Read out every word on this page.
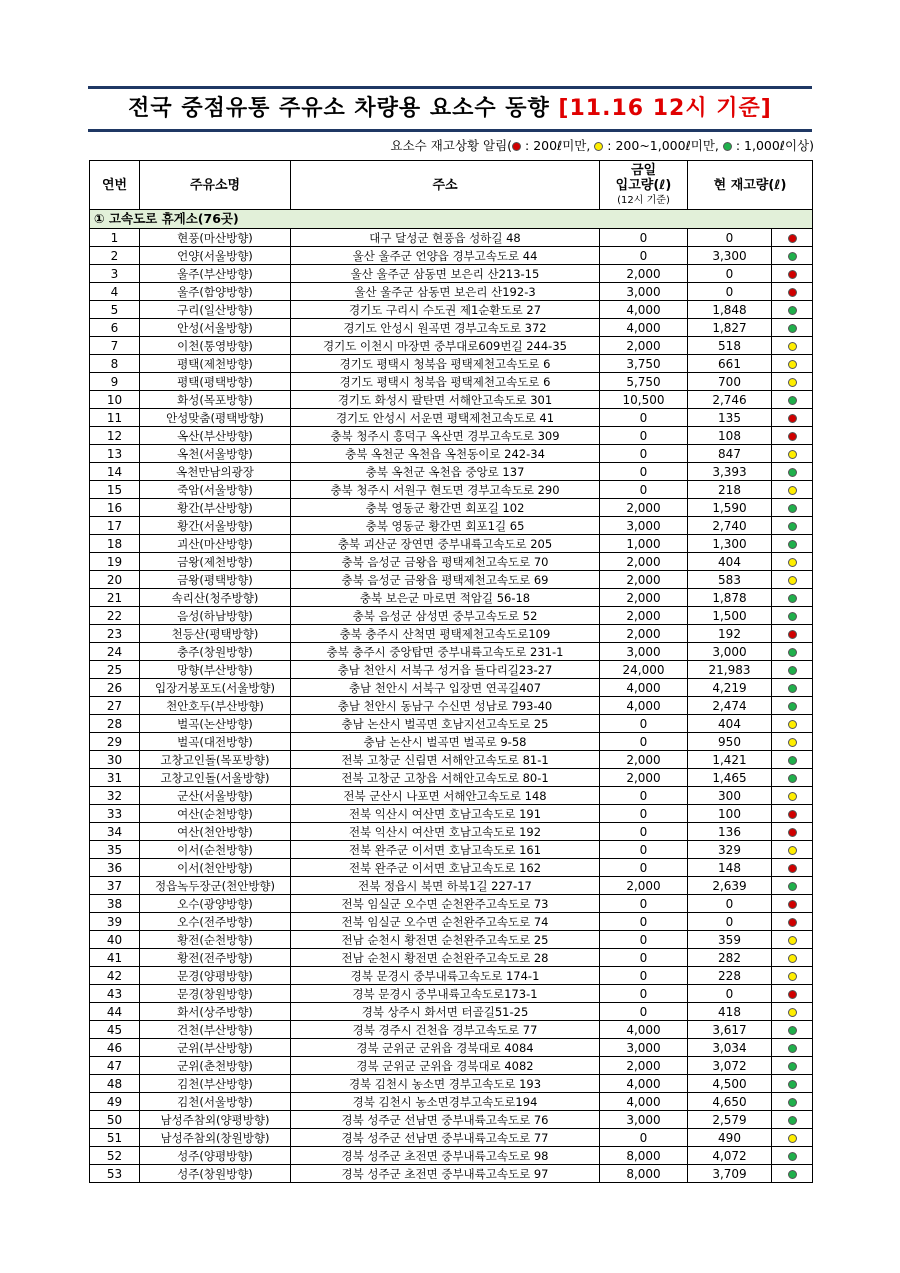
전국 중점유통 주유소 차량용 요소수 동향 [11.16 12시 기준]
요소수 재고상황 알림( : 200ℓ미만,  : 200~1,000ℓ미만,  : 1,000ℓ이상)
연번	주유소명	주소	금일
입고량(ℓ)
(12시 기준)	현 재고량(ℓ)	
① 고속도로 휴게소(76곳)					
1	현풍(마산방향)	대구 달성군 현풍읍 성하길 48	0	0	
2	언양(서울방향)	울산 울주군 언양읍 경부고속도로 44	0	3,300	
3	울주(부산방향)	울산 울주군 삼동면 보은리 산213-15	2,000	0	
4	울주(함양방향)	울산 울주군 삼동면 보은리 산192-3	3,000	0	
5	구리(일산방향)	경기도 구리시 수도권 제1순환도로 27	4,000	1,848	
6	안성(서울방향)	경기도 안성시 원곡면 경부고속도로 372	4,000	1,827	
7	이천(통영방향)	경기도 이천시 마장면 중부대로609번길 244-35	2,000	518	
8	평택(제천방향)	경기도 평택시 청북읍 평택제천고속도로 6	3,750	661	
9	평택(평택방향)	경기도 평택시 청북읍 평택제천고속도로 6	5,750	700	
10	화성(목포방향)	경기도 화성시 팔탄면 서해안고속도로 301	10,500	2,746	
11	안성맞춤(평택방향)	경기도 안성시 서운면 평택제천고속도로 41	0	135	
12	옥산(부산방향)	충북 청주시 흥덕구 옥산면 경부고속도로 309	0	108	
13	옥천(서울방향)	충북 옥천군 옥천읍 옥천동이로 242-34	0	847	
14	옥천만남의광장	충북 옥천군 옥천읍 중앙로 137	0	3,393	
15	죽암(서울방향)	충북 청주시 서원구 현도면 경부고속도로 290	0	218	
16	황간(부산방향)	충북 영동군 황간면 회포길 102	2,000	1,590	
17	황간(서울방향)	충북 영동군 황간면 회포1길 65	3,000	2,740	
18	괴산(마산방향)	충북 괴산군 장연면 중부내륙고속도로 205	1,000	1,300	
19	금왕(제천방향)	충북 음성군 금왕읍 평택제천고속도로 70	2,000	404	
20	금왕(평택방향)	충북 음성군 금왕읍 평택제천고속도로 69	2,000	583	
21	속리산(청주방향)	충북 보은군 마로면 적암길 56-18	2,000	1,878	
22	음성(하남방향)	충북 음성군 삼성면 중부고속도로 52	2,000	1,500	
23	천등산(평택방향)	충북 충주시 산척면 평택제천고속도로109	2,000	192	
24	충주(창원방향)	충북 충주시 중앙탑면 중부내륙고속도로 231-1	3,000	3,000	
25	망향(부산방향)	충남 천안시 서북구 성거읍 돌다리길23-27	24,000	21,983	
26	입장거봉포도(서울방향)	충남 천안시 서북구 입장면 연곡길407	4,000	4,219	
27	천안호두(부산방향)	충남 천안시 동남구 수신면 성남로 793-40	4,000	2,474	
28	벌곡(논산방향)	충남 논산시 벌곡면 호남지선고속도로 25	0	404	
29	벌곡(대전방향)	충남 논산시 벌곡면 벌곡로 9-58	0	950	
30	고창고인돌(목포방향)	전북 고창군 신림면 서해안고속도로 81-1	2,000	1,421	
31	고창고인돌(서울방향)	전북 고창군 고창읍 서해안고속도로 80-1	2,000	1,465	
32	군산(서울방향)	전북 군산시 나포면 서해안고속도로 148	0	300	
33	여산(순천방향)	전북 익산시 여산면 호남고속도로 191	0	100	
34	여산(천안방향)	전북 익산시 여산면 호남고속도로 192	0	136	
35	이서(순천방향)	전북 완주군 이서면 호남고속도로 161	0	329	
36	이서(천안방향)	전북 완주군 이서면 호남고속도로 162	0	148	
37	정읍녹두장군(천안방향)	전북 정읍시 북면 하북1길 227-17	2,000	2,639	
38	오수(광양방향)	전북 임실군 오수면 순천완주고속도로 73	0	0	
39	오수(전주방향)	전북 임실군 오수면 순천완주고속도로 74	0	0	
40	황전(순천방향)	전남 순천시 황전면 순천완주고속도로 25	0	359	
41	황전(전주방향)	전남 순천시 황전면 순천완주고속도로 28	0	282	
42	문경(양평방향)	경북 문경시 중부내륙고속도로 174-1	0	228	
43	문경(창원방향)	경북 문경시 중부내륙고속도로173-1	0	0	
44	화서(상주방향)	경북 상주시 화서면 터골길51-25	0	418	
45	건천(부산방향)	경북 경주시 건천읍 경부고속도로 77	4,000	3,617	
46	군위(부산방향)	경북 군위군 군위읍 경북대로 4084	3,000	3,034	
47	군위(춘천방향)	경북 군위군 군위읍 경북대로 4082	2,000	3,072	
48	김천(부산방향)	경북 김천시 농소면 경부고속도로 193	4,000	4,500	
49	김천(서울방향)	경북 김천시 농소면경부고속도로194	4,000	4,650	
50	남성주참외(양평방향)	경북 성주군 선남면 중부내륙고속도로 76	3,000	2,579	
51	남성주참외(창원방향)	경북 성주군 선남면 중부내륙고속도로 77	0	490	
52	성주(양평방향)	경북 성주군 초전면 중부내륙고속도로 98	8,000	4,072	
53	성주(창원방향)	경북 성주군 초전면 중부내륙고속도로 97	8,000	3,709	
